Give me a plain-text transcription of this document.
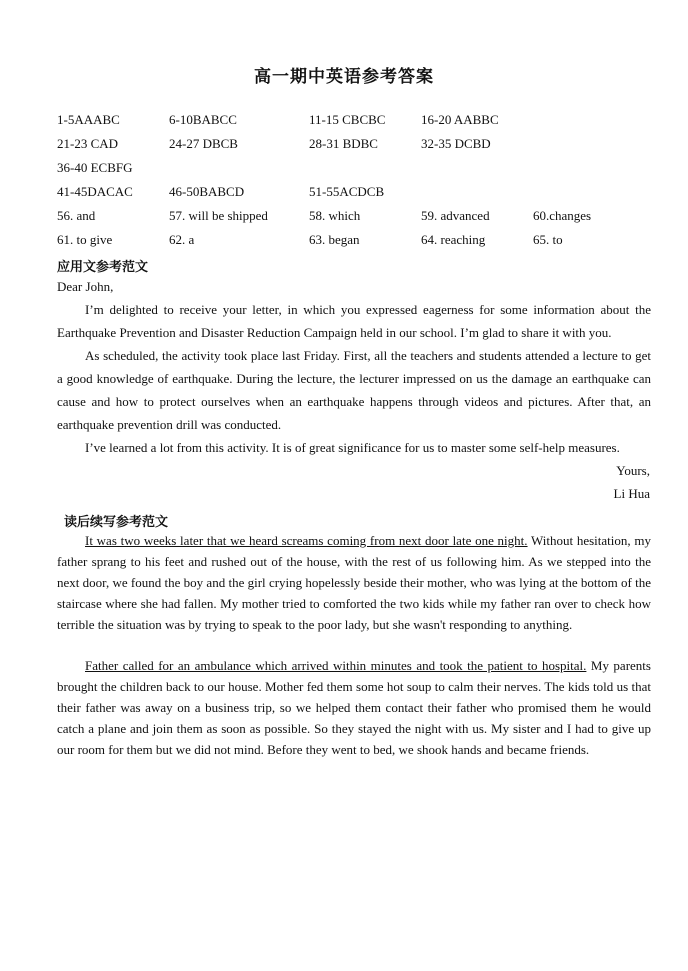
高一期中英语参考答案
1-5AAABC	6-10BABCC	11-15 CBCBC	16-20 AABBC
21-23 CAD	24-27 DBCB	28-31 BDBC	32-35 DCBD
36-40 ECBFG
41-45DACAC	46-50BABCD	51-55ACDCB
56. and	57. will be shipped	58. which	59. advanced	60.changes
61. to give	62. a	63. began	64. reaching	65. to
应用文参考范文
Dear John,
I’m delighted to receive your letter, in which you expressed eagerness for some information about the Earthquake Prevention and Disaster Reduction Campaign held in our school. I’m glad to share it with you.
As scheduled, the activity took place last Friday. First, all the teachers and students attended a lecture to get a good knowledge of earthquake. During the lecture, the lecturer impressed on us the damage an earthquake can cause and how to protect ourselves when an earthquake happens through videos and pictures. After that, an earthquake prevention drill was conducted.
I’ve learned a lot from this activity. It is of great significance for us to master some self-help measures.
Yours,
Li Hua
读后续写参考范文
It was two weeks later that we heard screams coming from next door late one night. Without hesitation, my father sprang to his feet and rushed out of the house, with the rest of us following him. As we stepped into the next door, we found the boy and the girl crying hopelessly beside their mother, who was lying at the bottom of the staircase where she had fallen. My mother tried to comforted the two kids while my father ran over to check how terrible the situation was by trying to speak to the poor lady, but she wasn't responding to anything.
Father called for an ambulance which arrived within minutes and took the patient to hospital. My parents brought the children back to our house. Mother fed them some hot soup to calm their nerves. The kids told us that their father was away on a business trip, so we helped them contact their father who promised them he would catch a plane and join them as soon as possible. So they stayed the night with us. My sister and I had to give up our room for them but we did not mind. Before they went to bed, we shook hands and became friends.
